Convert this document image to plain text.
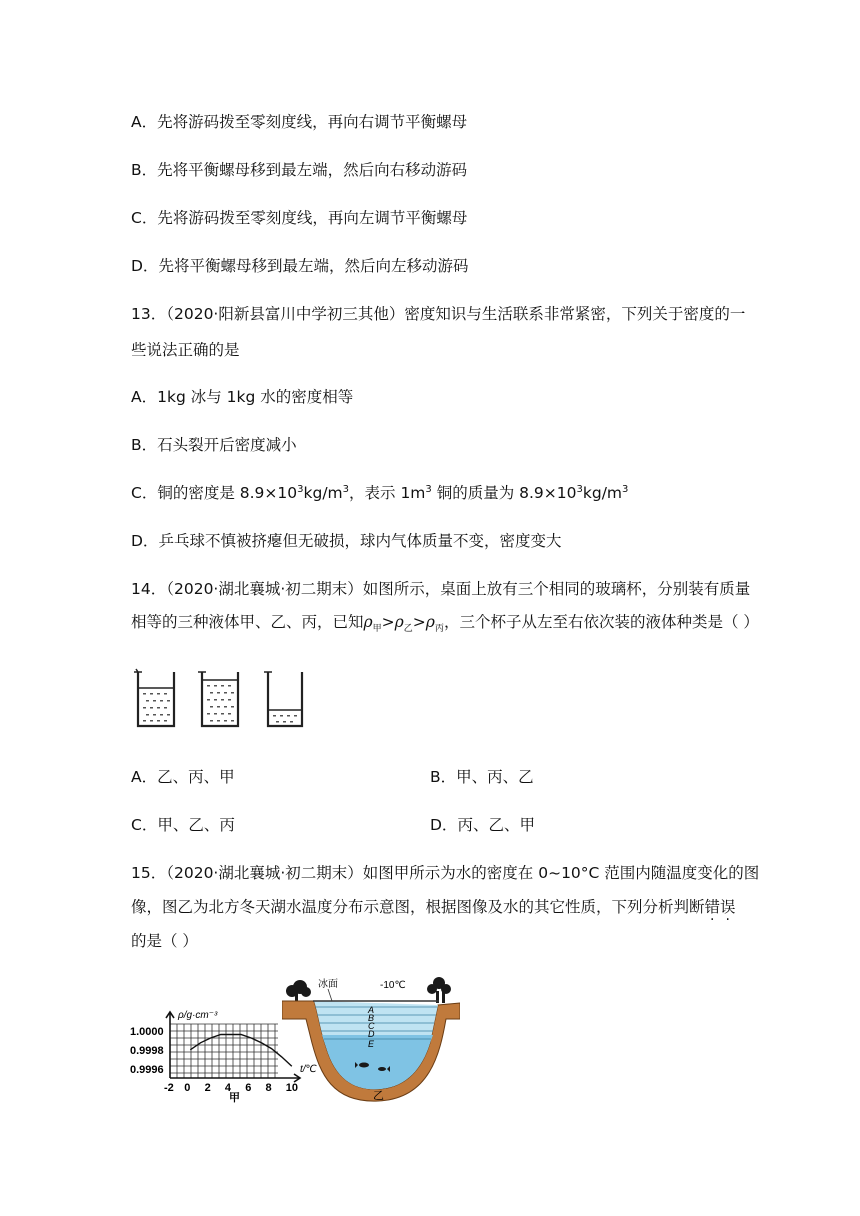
A．先将游码拨至零刻度线，再向右调节平衡螺母
B．先将平衡螺母移到最左端，然后向右移动游码
C．先将游码拨至零刻度线，再向左调节平衡螺母
D．先将平衡螺母移到最左端，然后向左移动游码
13．（2020·阳新县富川中学初三其他）密度知识与生活联系非常紧密，下列关于密度的一
些说法正确的是
A．1kg 冰与 1kg 水的密度相等
B．石头裂开后密度减小
C．铜的密度是 $8.9\times 10^3kg/m^3$，表示 $1m^3$ 铜的质量为 $8.9\times 10^3kg/m^3$
D．乒乓球不慎被挤瘪但无破损，球内气体质量不变，密度变大
14．（2020·湖北襄城·初二期末）如图所示，桌面上放有三个相同的玻璃杯，分别装有质量
相等的三种液体甲、乙、丙，已知$\rho_甲>\rho_乙>\rho_丙$，三个杯子从左至右依次装的液体种类是（ ）
A．乙、丙、甲	B．甲、丙、乙
C．甲、乙、丙	D．丙、乙、甲
15．（2020·湖北襄城·初二期末）如图甲所示为水的密度在 0~10°C 范围内随温度变化的图
像，图乙为北方冬天湖水温度分布示意图，根据图像及水的其它性质，下列分析判断错误
的是（ ）
ρ/g·cm⁻³
t/℃
1.0000
0.9998
0.9996
-2 0 2 4 6 8 10
甲
冰面	-10℃
A
B
C
D
E
乙
